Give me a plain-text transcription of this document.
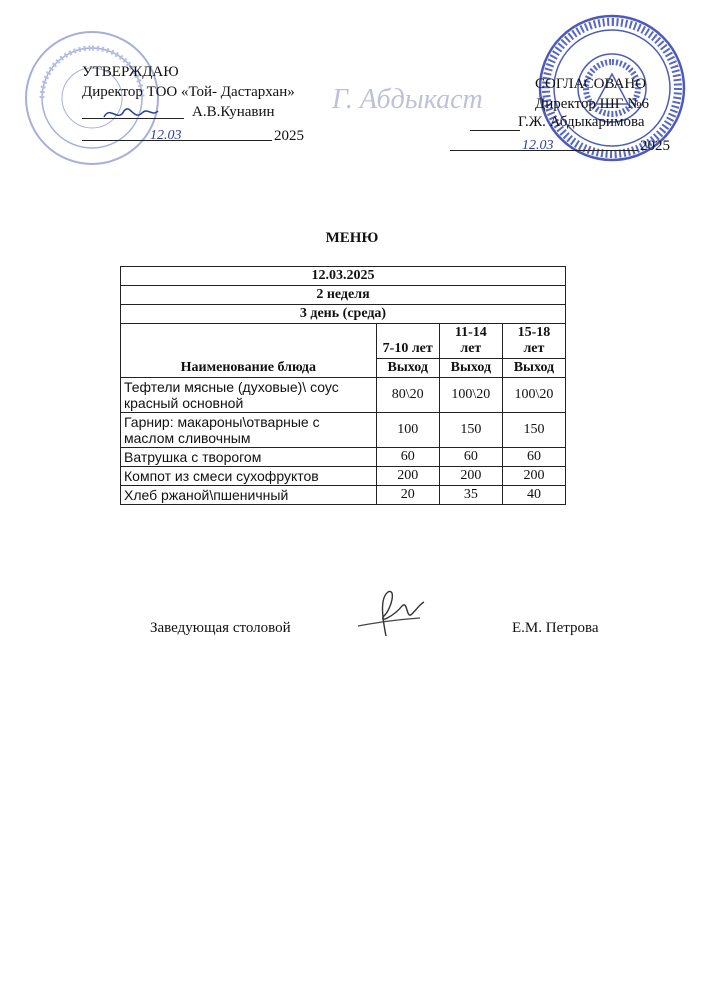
УТВЕРЖДАЮ
Директор ТОО «Той- Дастархан»
А.В.Кунавин
12.03	2025
Г. Абдыкаст	СОГЛАСОВАНО
Директор ШГ №6
Г.Ж. Абдыкаримова
12.03	2025
МЕНЮ
12.03.2025			
2 неделя			
3 день (среда)			
	7-10 лет	11-14 лет	15-18 лет
Наименование блюда	Выход	Выход	Выход
Тефтели мясные (духовые)\ соус красный основной	80\20	100\20	100\20
Гарнир: макароны\отварные с маслом сливочным	100	150	150
Ватрушка с творогом	60	60	60
Компот из смеси сухофруктов	200	200	200
Хлеб ржаной\пшеничный	20	35	40
Заведующая столовой	Е.М. Петрова
